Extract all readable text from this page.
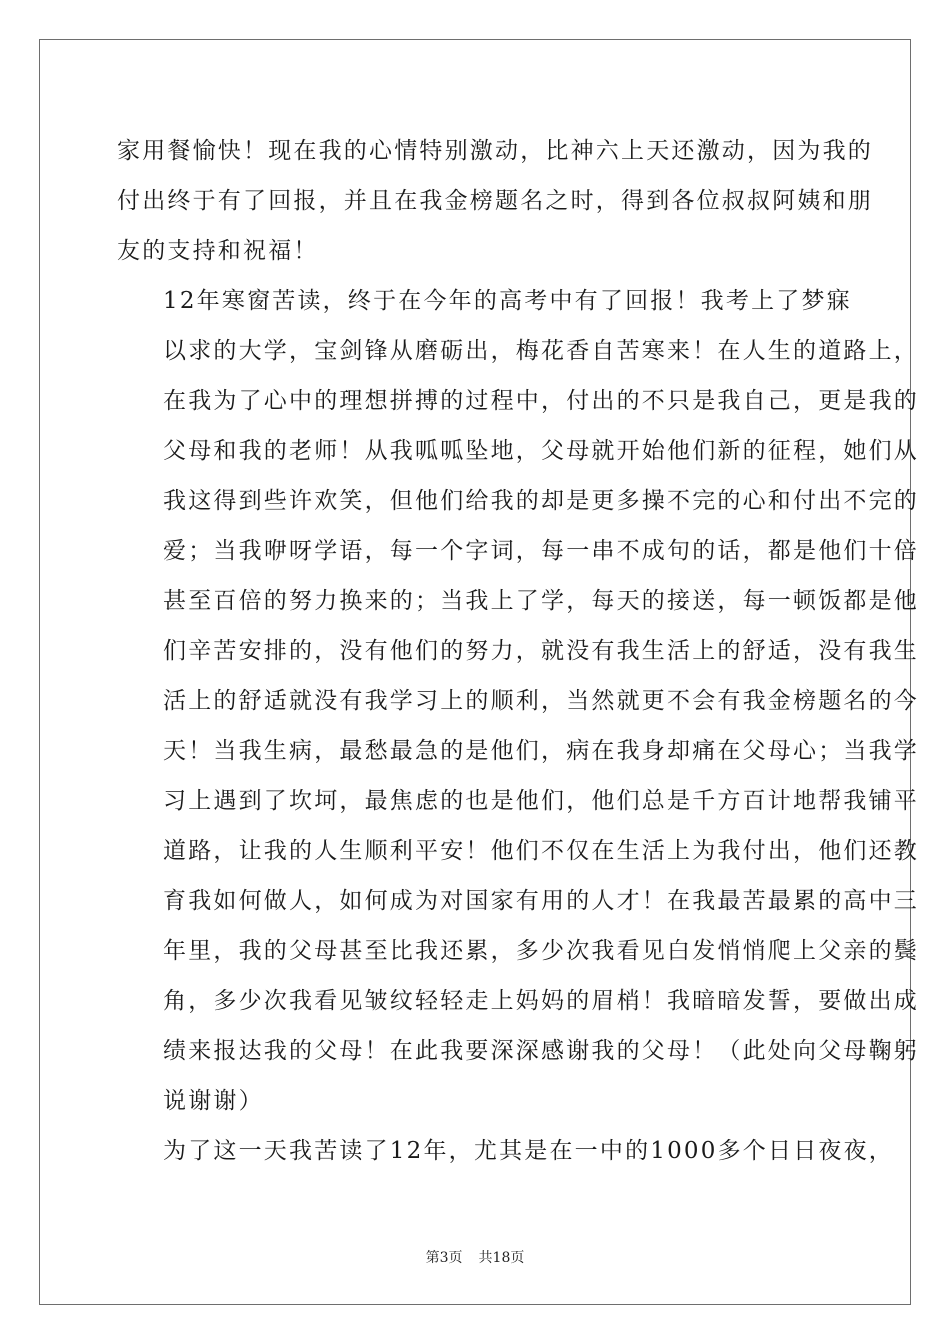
家用餐愉快！现在我的心情特别激动，比神六上天还激动，因为我的
付出终于有了回报，并且在我金榜题名之时，得到各位叔叔阿姨和朋
友的支持和祝福！

12年寒窗苦读，终于在今年的高考中有了回报！我考上了梦寐
以求的大学，宝剑锋从磨砺出，梅花香自苦寒来！在人生的道路上，
在我为了心中的理想拼搏的过程中，付出的不只是我自己，更是我的
父母和我的老师！从我呱呱坠地，父母就开始他们新的征程，她们从
我这得到些许欢笑，但他们给我的却是更多操不完的心和付出不完的
爱；当我咿呀学语，每一个字词，每一串不成句的话，都是他们十倍
甚至百倍的努力换来的；当我上了学，每天的接送，每一顿饭都是他
们辛苦安排的，没有他们的努力，就没有我生活上的舒适，没有我生
活上的舒适就没有我学习上的顺利，当然就更不会有我金榜题名的今
天！当我生病，最愁最急的是他们，病在我身却痛在父母心；当我学
习上遇到了坎坷，最焦虑的也是他们，他们总是千方百计地帮我铺平
道路，让我的人生顺利平安！他们不仅在生活上为我付出，他们还教
育我如何做人，如何成为对国家有用的人才！在我最苦最累的高中三
年里，我的父母甚至比我还累，多少次我看见白发悄悄爬上父亲的鬓
角，多少次我看见皱纹轻轻走上妈妈的眉梢！我暗暗发誓，要做出成
绩来报达我的父母！在此我要深深感谢我的父母！（此处向父母鞠躬
说谢谢）

为了这一天我苦读了12年，尤其是在一中的1000多个日日夜夜，

第3页 共18页
